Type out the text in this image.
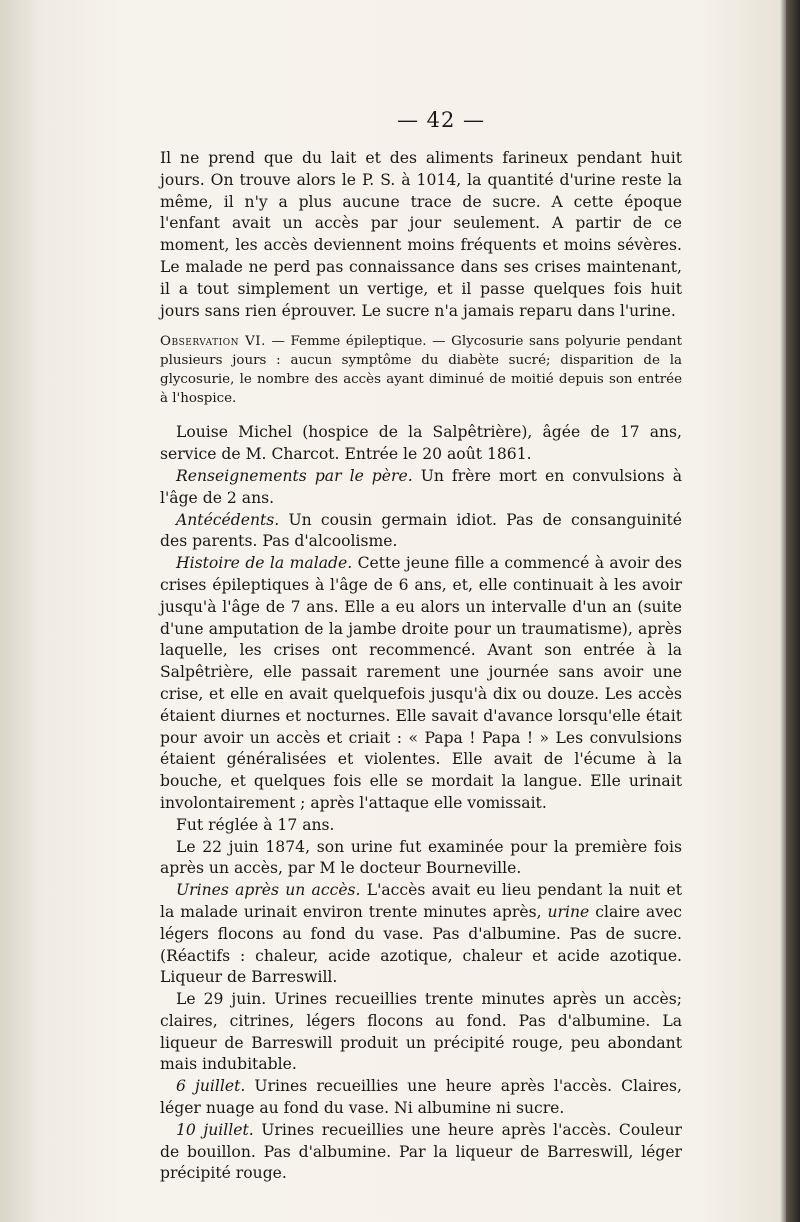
— 42 —

Il ne prend que du lait et des aliments farineux pendant huit jours. On trouve alors le P. S. à 1014, la quantité d'urine reste la même, il n'y a plus aucune trace de sucre. A cette époque l'enfant avait un accès par jour seulement. A partir de ce moment, les accès deviennent moins fréquents et moins sévères. Le malade ne perd pas connaissance dans ses crises maintenant, il a tout simplement un vertige, et il passe quelques fois huit jours sans rien éprouver. Le sucre n'a jamais reparu dans l'urine.

Observation VI. — Femme épileptique. — Glycosurie sans polyurie pendant plusieurs jours : aucun symptôme du diabète sucré; disparition de la glycosurie, le nombre des accès ayant diminué de moitié depuis son entrée à l'hospice.

Louise Michel (hospice de la Salpêtrière), âgée de 17 ans, service de M. Charcot. Entrée le 20 août 1861.

Renseignements par le père. Un frère mort en convulsions à l'âge de 2 ans.

Antécédents. Un cousin germain idiot. Pas de consanguinité des parents. Pas d'alcoolisme.

Histoire de la malade. Cette jeune fille a commencé à avoir des crises épileptiques à l'âge de 6 ans, et, elle continuait à les avoir jusqu'à l'âge de 7 ans. Elle a eu alors un intervalle d'un an (suite d'une amputation de la jambe droite pour un traumatisme), après laquelle, les crises ont recommencé. Avant son entrée à la Salpêtrière, elle passait rarement une journée sans avoir une crise, et elle en avait quelquefois jusqu'à dix ou douze. Les accès étaient diurnes et nocturnes. Elle savait d'avance lorsqu'elle était pour avoir un accès et criait : « Papa ! Papa ! » Les convulsions étaient généralisées et violentes. Elle avait de l'écume à la bouche, et quelques fois elle se mordait la langue. Elle urinait involontairement ; après l'attaque elle vomissait.

Fut réglée à 17 ans.

Le 22 juin 1874, son urine fut examinée pour la première fois après un accès, par M le docteur Bourneville.

Urines après un accès. L'accès avait eu lieu pendant la nuit et la malade urinait environ trente minutes après, urine claire avec légers flocons au fond du vase. Pas d'albumine. Pas de sucre. (Réactifs : chaleur, acide azotique, chaleur et acide azotique. Liqueur de Barreswill.

Le 29 juin. Urines recueillies trente minutes après un accès; claires, citrines, légers flocons au fond. Pas d'albumine. La liqueur de Barreswill produit un précipité rouge, peu abondant mais indubitable.

6 juillet. Urines recueillies une heure après l'accès. Claires, léger nuage au fond du vase. Ni albumine ni sucre.

10 juillet. Urines recueillies une heure après l'accès. Couleur de bouillon. Pas d'albumine. Par la liqueur de Barreswill, léger précipité rouge.
